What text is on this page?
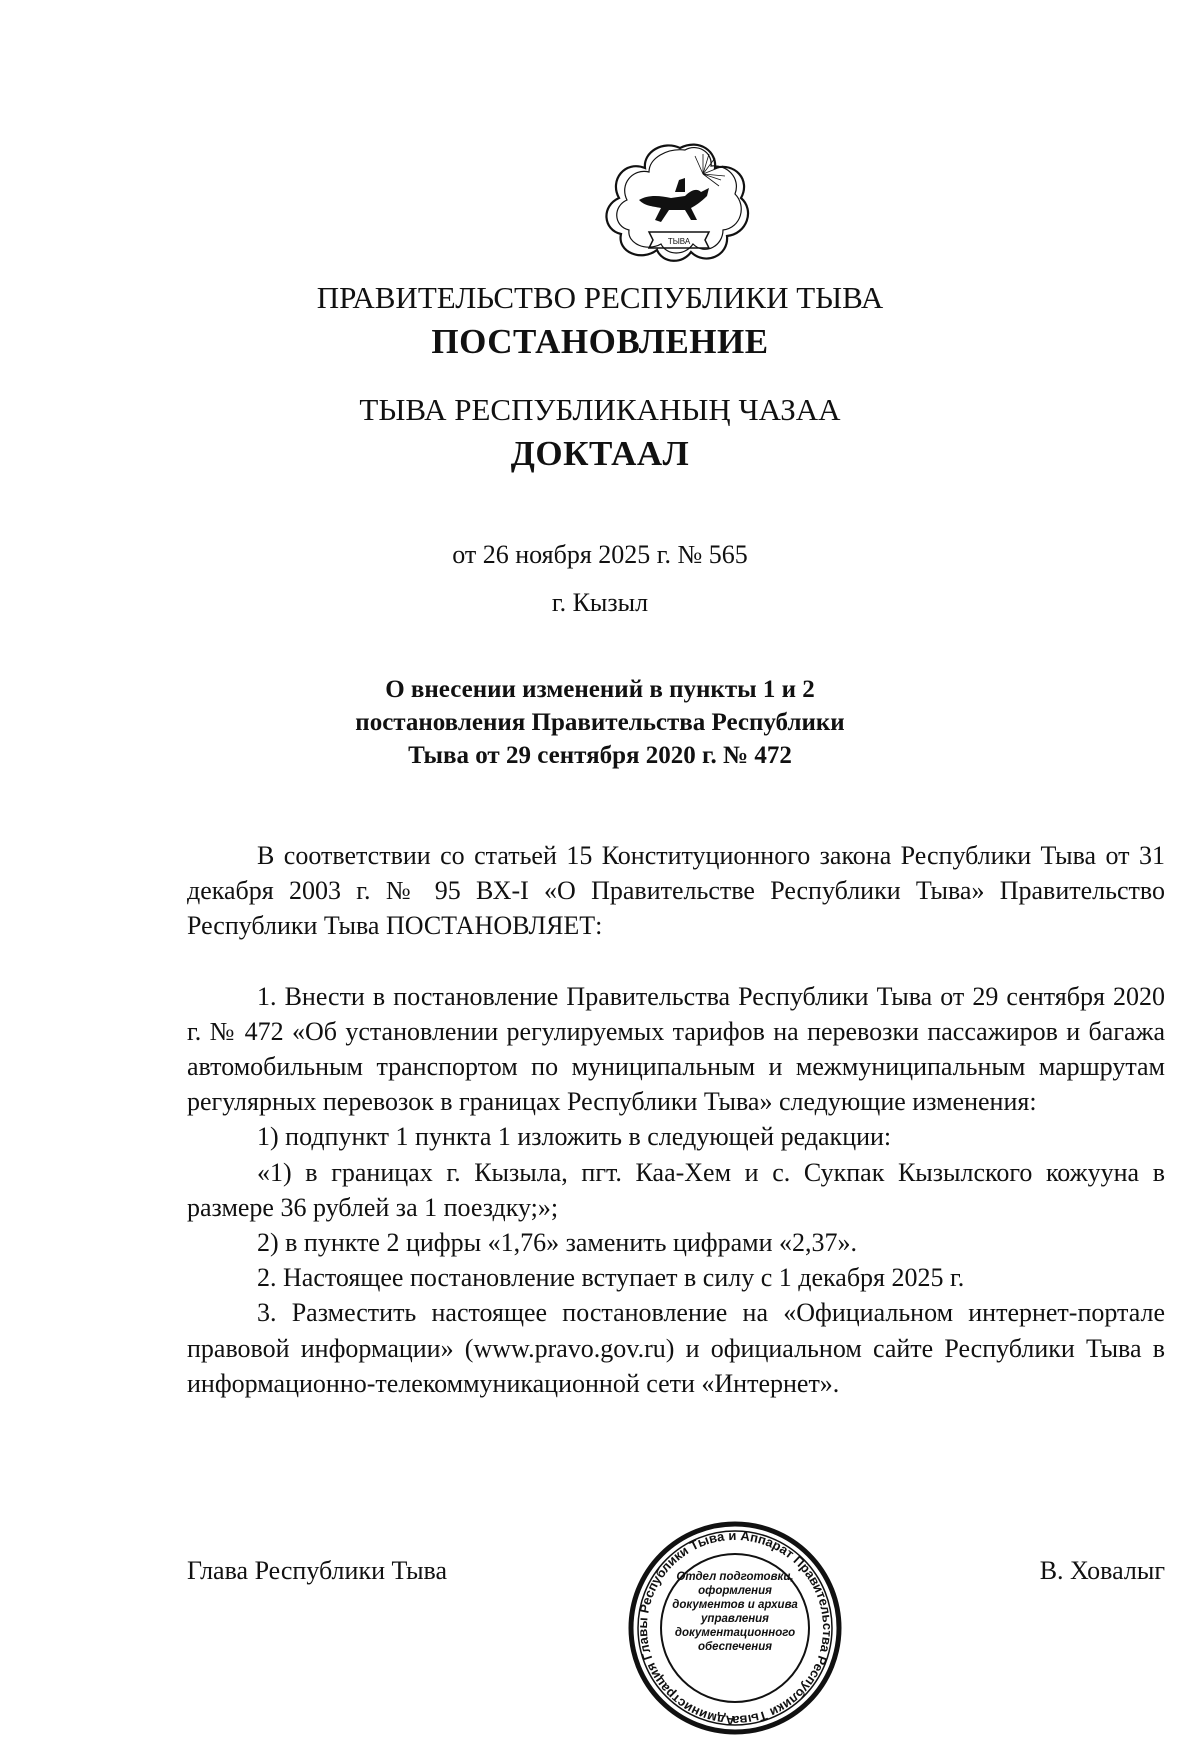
ТЫВА
ПРАВИТЕЛЬСТВО РЕСПУБЛИКИ ТЫВА
ПОСТАНОВЛЕНИЕ
ТЫВА РЕСПУБЛИКАНЫҢ ЧАЗАА
ДОКТААЛ
от 26 ноября 2025 г. № 565
г. Кызыл
О внесении изменений в пункты 1 и 2
постановления Правительства Республики
Тыва от 29 сентября 2020 г. № 472

В соответствии со статьей 15 Конституционного закона Республики Тыва от 31 декабря 2003 г. № 95 ВХ-I «О Правительстве Республики Тыва» Правительство Республики Тыва ПОСТАНОВЛЯЕТ:

1. Внести в постановление Правительства Республики Тыва от 29 сентября 2020 г. № 472 «Об установлении регулируемых тарифов на перевозки пассажиров и багажа автомобильным транспортом по муниципальным и межмуниципальным маршрутам регулярных перевозок в границах Республики Тыва» следующие изменения:

1) подпункт 1 пункта 1 изложить в следующей редакции:

«1) в границах г. Кызыла, пгт. Каа-Хем и с. Сукпак Кызылского кожууна в размере 36 рублей за 1 поездку;»;

2) в пункте 2 цифры «1,76» заменить цифрами «2,37».

2. Настоящее постановление вступает в силу с 1 декабря 2025 г.

3. Разместить настоящее постановление на «Официальном интернет-портале правовой информации» (www.pravo.gov.ru) и официальном сайте Республики Тыва в информационно-телекоммуникационной сети «Интернет».

Глава Республики Тыва	В. Ховалыг
Администрация Главы Республики Тыва и Аппарат Правительства Республики Тыва
Отдел подготовки, оформления документов и архива управления документационного обеспечения
